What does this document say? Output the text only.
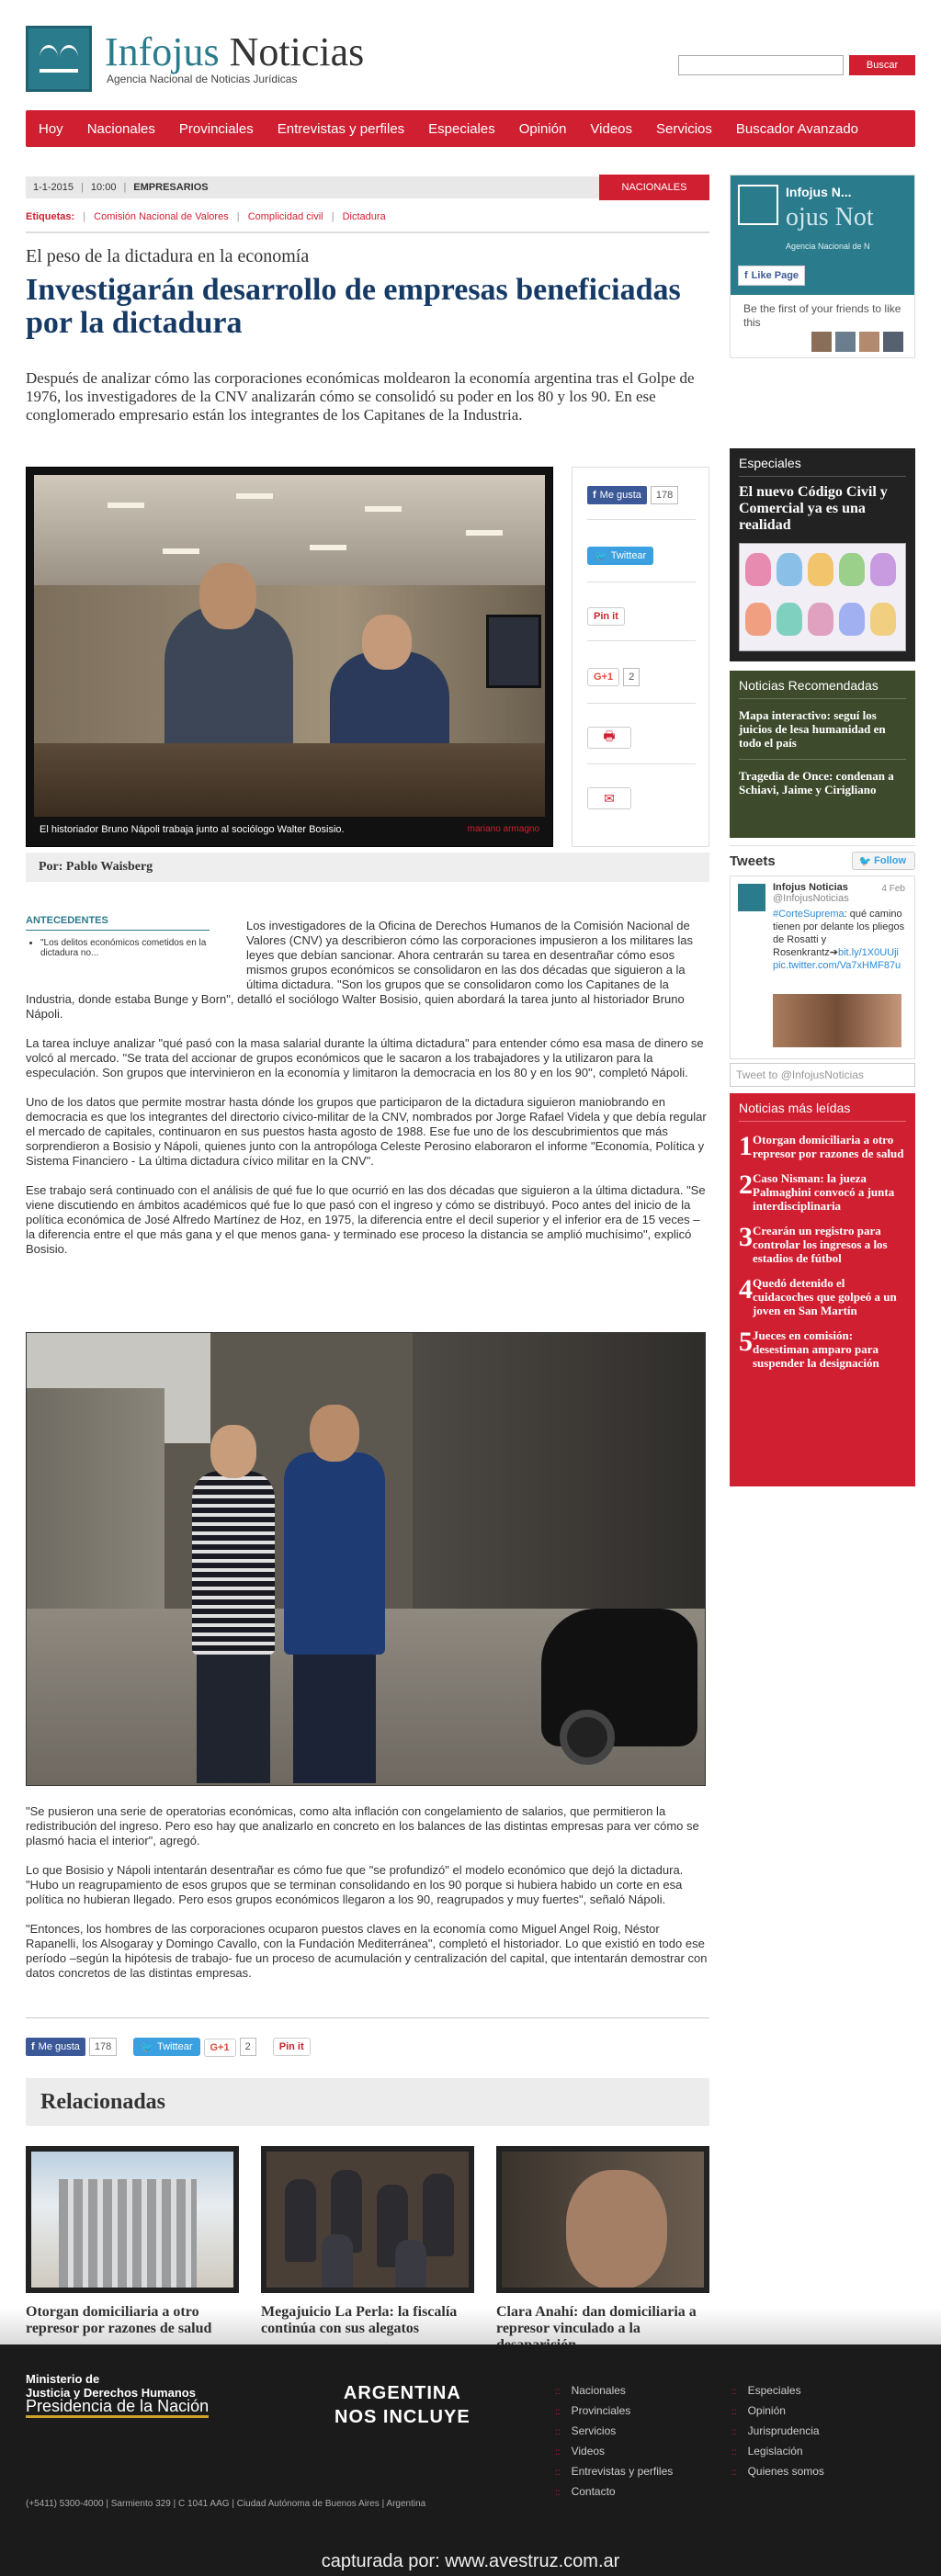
Infojus Noticias
Agencia Nacional de Noticias Jurídicas
Buscar
Hoy Nacionales Provinciales Entrevistas y perfiles Especiales Opinión Videos Servicios Buscador Avanzado
1-1-2015 | 10:00 | EMPRESARIOS	NACIONALES
Etiquetas: | Comisión Nacional de Valores | Complicidad civil | Dictadura
El peso de la dictadura en la economía
Investigarán desarrollo de empresas beneficiadas por la dictadura

Después de analizar cómo las corporaciones económicas moldearon la economía argentina tras el Golpe de 1976, los investigadores de la CNV analizarán cómo se consolidó su poder en los 80 y los 90. En ese conglomerado empresario están los integrantes de los Capitanes de la Industria.

El historiador Bruno Nápoli trabaja junto al sociólogo Walter Bosisio.	mariano armagno
f Me gusta 178
🐦 Twittear
Pin it
G+1 2
🖶
✉
Por: Pablo Waisberg
ANTECEDENTES
• "Los delitos económicos cometidos en la dictadura no...

Los investigadores de la Oficina de Derechos Humanos de la Comisión Nacional de Valores (CNV) ya describieron cómo las corporaciones impusieron a los militares las leyes que debían sancionar. Ahora centrarán su tarea en desentrañar cómo esos mismos grupos económicos se consolidaron en las dos décadas que siguieron a la última dictadura. "Son los grupos que se consolidaron como los Capitanes de la

Industria, donde estaba Bunge y Born", detalló el sociólogo Walter Bosisio, quien abordará la tarea junto al historiador Bruno Nápoli.

La tarea incluye analizar "qué pasó con la masa salarial durante la última dictadura" para entender cómo esa masa de dinero se volcó al mercado. "Se trata del accionar de grupos económicos que le sacaron a los trabajadores y la utilizaron para la especulación. Son grupos que intervinieron en la economía y limitaron la democracia en los 80 y en los 90", completó Nápoli.

Uno de los datos que permite mostrar hasta dónde los grupos que participaron de la dictadura siguieron maniobrando en democracia es que los integrantes del directorio cívico-militar de la CNV, nombrados por Jorge Rafael Videla y que debía regular el mercado de capitales, continuaron en sus puestos hasta agosto de 1988. Ese fue uno de los descubrimientos que más sorprendieron a Bosisio y Nápoli, quienes junto con la antropóloga Celeste Perosino elaboraron el informe "Economía, Política y Sistema Financiero - La última dictadura cívico militar en la CNV".

Ese trabajo será continuado con el análisis de qué fue lo que ocurrió en las dos décadas que siguieron a la última dictadura. "Se viene discutiendo en ámbitos académicos qué fue lo que pasó con el ingreso y cómo se distribuyó. Poco antes del inicio de la política económica de José Alfredo Martínez de Hoz, en 1975, la diferencia entre el decil superior y el inferior era de 15 veces – la diferencia entre el que más gana y el que menos gana- y terminado ese proceso la distancia se amplió muchísimo", explicó Bosisio.

"Se pusieron una serie de operatorias económicas, como alta inflación con congelamiento de salarios, que permitieron la redistribución del ingreso. Pero eso hay que analizarlo en concreto en los balances de las distintas empresas para ver cómo se plasmó hacia el interior", agregó.

Lo que Bosisio y Nápoli intentarán desentrañar es cómo fue que "se profundizó" el modelo económico que dejó la dictadura. "Hubo un reagrupamiento de esos grupos que se terminan consolidando en los 90 porque si hubiera habido un corte en esa política no hubieran llegado. Pero esos grupos económicos llegaron a los 90, reagrupados y muy fuertes", señaló Nápoli.

"Entonces, los hombres de las corporaciones ocuparon puestos claves en la economía como Miguel Angel Roig, Néstor Rapanelli, los Alsogaray y Domingo Cavallo, con la Fundación Mediterránea", completó el historiador. Lo que existió en todo ese período –según la hipótesis de trabajo- fue un proceso de acumulación y centralización del capital, que intentarán demostrar con datos concretos de las distintas empresas.

f Me gusta 178	🐦 Twittear G+1 2	Pin it
Relacionadas
Infojus N...
ojus Not
Agencia Nacional de N
f Like Page
Be the first of your friends to like this
Especiales
El nuevo Código Civil y Comercial ya es una realidad
Noticias Recomendadas
Mapa interactivo: seguí los juicios de lesa humanidad en todo el país
Tragedia de Once: condenan a Schiavi, Jaime y Cirigliano
Tweets	🐦 Follow
4 Feb
Infojus Noticias
@InfojusNoticias
#CorteSuprema: qué camino tienen por delante los pliegos de Rosatti y Rosenkrantz➔bit.ly/1X0UUji
pic.twitter.com/Va7xHMF87u
Tweet to @InfojusNoticias
Noticias más leídas
1 Otorgan domiciliaria a otro represor por razones de salud
2 Caso Nisman: la jueza Palmaghini convocó a junta interdisciplinaria
3 Crearán un registro para controlar los ingresos a los estadios de fútbol
4 Quedó detenido el cuidacoches que golpeó a un joven en San Martín
5 Jueces en comisión: desestiman amparo para suspender la designación
Ministerio de
Justicia y Derechos Humanos
Presidencia de la Nación
ARGENTINA
NOS INCLUYE
(+5411) 5300-4000 | Sarmiento 329 | C 1041 AAG | Ciudad Autónoma de Buenos Aires | Argentina
:: Nacionales
:: Provinciales
:: Servicios
:: Videos
:: Entrevistas y perfiles
:: Contacto
:: Especiales
:: Opinión
:: Jurisprudencia
:: Legislación
:: Quienes somos
capturada por: www.avestruz.com.ar
